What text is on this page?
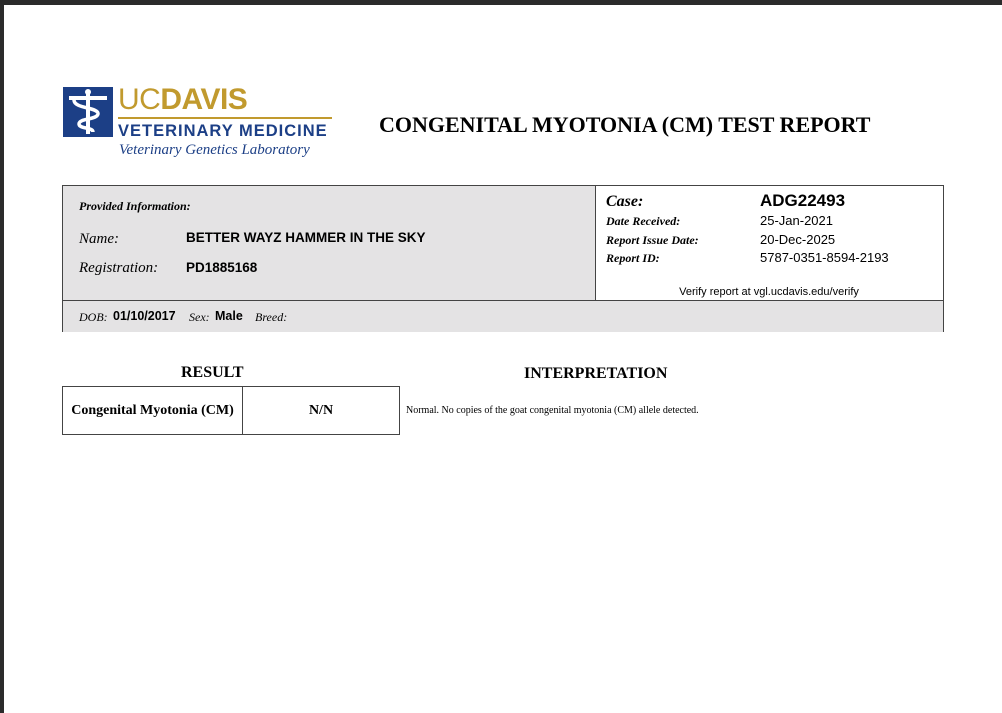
UCDAVIS
VETERINARY MEDICINE
Veterinary Genetics Laboratory
CONGENITAL MYOTONIA (CM) TEST REPORT
Provided Information:
Name:	BETTER WAYZ HAMMER IN THE SKY
Registration: PD1885168
Case:	ADG22493
Date Received:	25-Jan-2021
Report Issue Date:	20-Dec-2025
Report ID:	5787-0351-8594-2193
Verify report at vgl.ucdavis.edu/verify
DOB: 01/10/2017 Sex: Male Breed:
RESULT	INTERPRETATION
Congenital Myotonia (CM)	N/N	Normal. No copies of the goat congenital myotonia (CM) allele detected.
